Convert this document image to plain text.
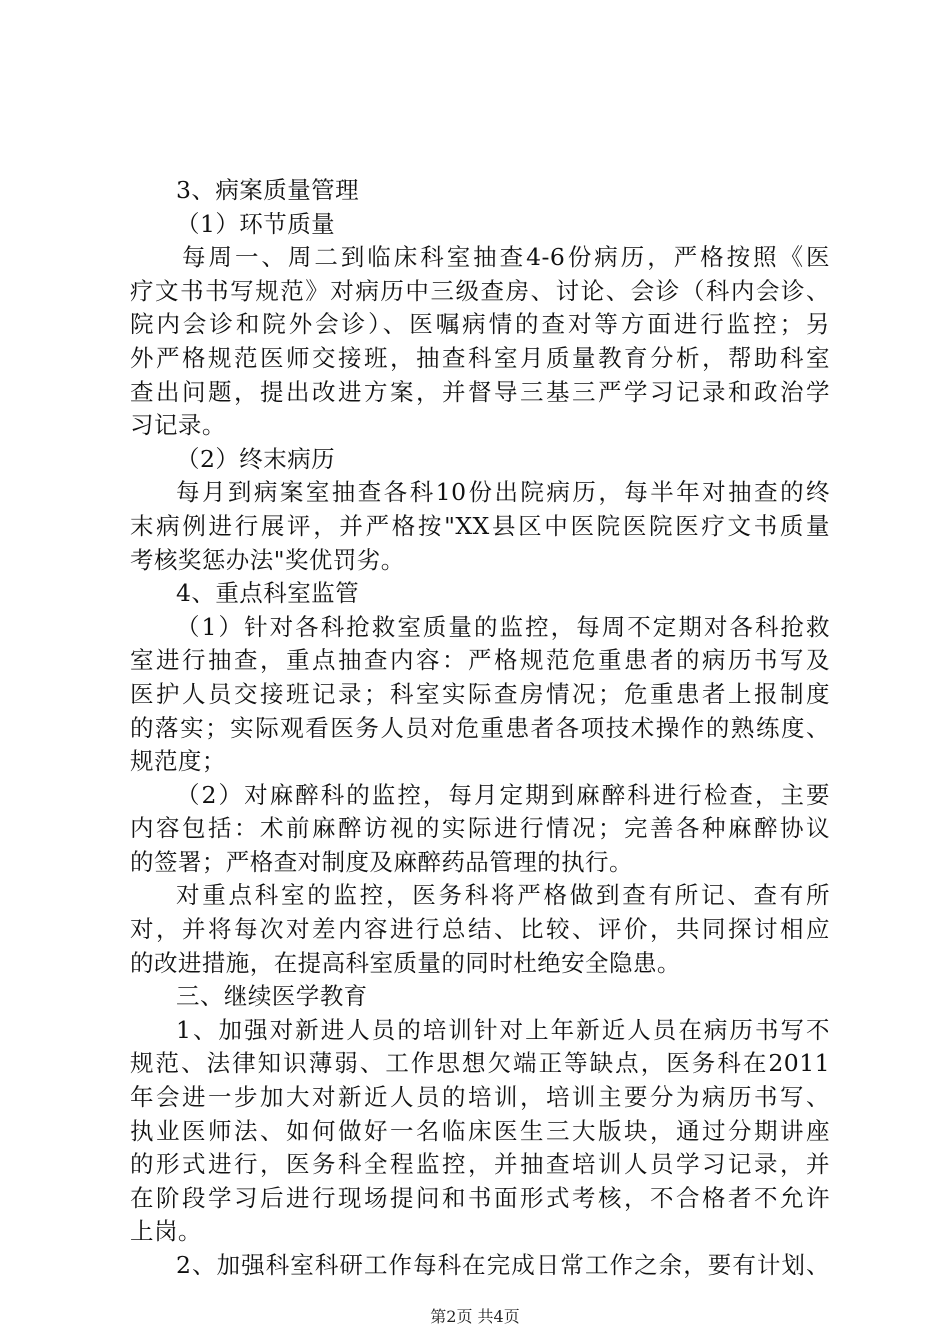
3、病案质量管理
（1）环节质量
每周一、周二到临床科室抽查4-6份病历，严格按照《医
疗文书书写规范》对病历中三级查房、讨论、会诊（科内会诊、
院内会诊和院外会诊）、医嘱病情的查对等方面进行监控；另
外严格规范医师交接班，抽查科室月质量教育分析，帮助科室
查出问题，提出改进方案，并督导三基三严学习记录和政治学
习记录。
（2）终末病历
每月到病案室抽查各科10份出院病历，每半年对抽查的终
末病例进行展评，并严格按"XX县区中医院医院医疗文书质量
考核奖惩办法"奖优罚劣。
4、重点科室监管
（1）针对各科抢救室质量的监控，每周不定期对各科抢救
室进行抽查，重点抽查内容：严格规范危重患者的病历书写及
医护人员交接班记录；科室实际查房情况；危重患者上报制度
的落实；实际观看医务人员对危重患者各项技术操作的熟练度、
规范度；
（2）对麻醉科的监控，每月定期到麻醉科进行检查，主要
内容包括：术前麻醉访视的实际进行情况；完善各种麻醉协议
的签署；严格查对制度及麻醉药品管理的执行。
对重点科室的监控，医务科将严格做到查有所记、查有所
对，并将每次对差内容进行总结、比较、评价，共同探讨相应
的改进措施，在提高科室质量的同时杜绝安全隐患。
三、继续医学教育
1、加强对新进人员的培训针对上年新近人员在病历书写不
规范、法律知识薄弱、工作思想欠端正等缺点，医务科在2011
年会进一步加大对新近人员的培训，培训主要分为病历书写、
执业医师法、如何做好一名临床医生三大版块，通过分期讲座
的形式进行，医务科全程监控，并抽查培训人员学习记录，并
在阶段学习后进行现场提问和书面形式考核，不合格者不允许
上岗。
2、加强科室科研工作每科在完成日常工作之余，要有计划、
第2页 共4页
